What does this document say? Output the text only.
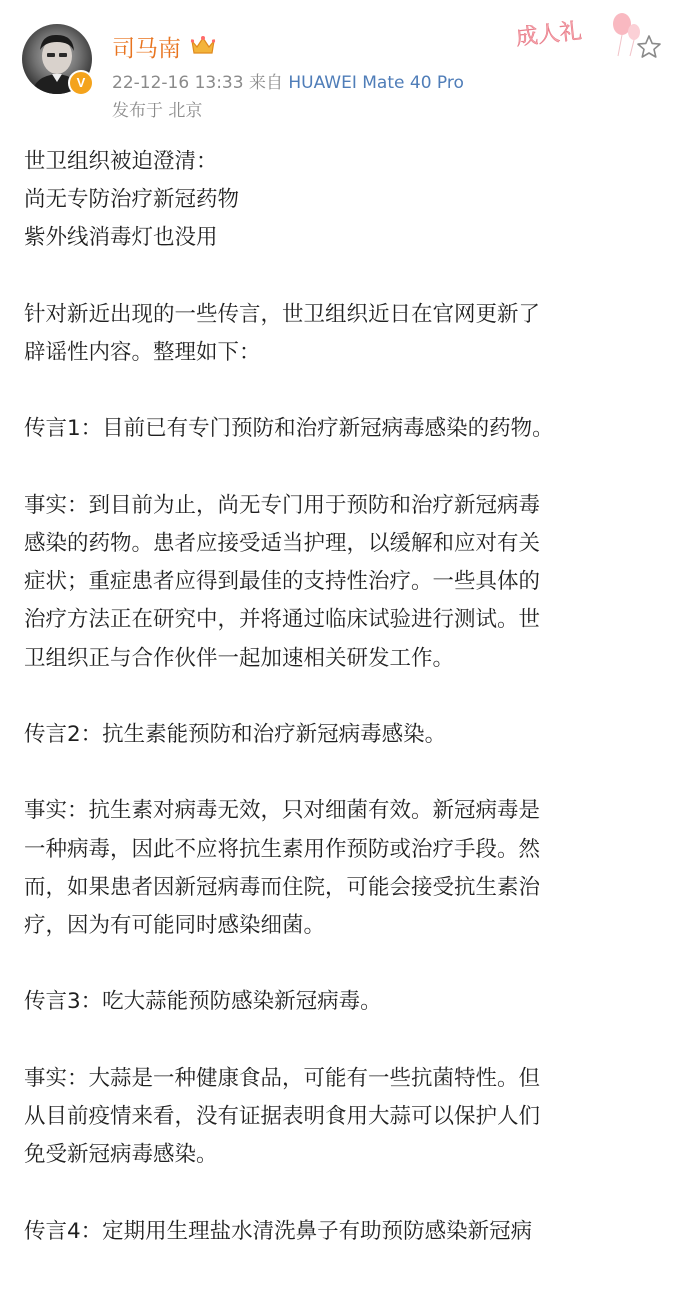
V
司马南
22-12-16 13:33 来自 HUAWEI Mate 40 Pro
发布于 北京
成人礼
世卫组织被迫澄清：
尚无专防治疗新冠药物
紫外线消毒灯也没用
针对新近出现的一些传言，世卫组织近日在官网更新了
辟谣性内容。整理如下：
传言1：目前已有专门预防和治疗新冠病毒感染的药物。
事实：到目前为止，尚无专门用于预防和治疗新冠病毒
感染的药物。患者应接受适当护理，以缓解和应对有关
症状；重症患者应得到最佳的支持性治疗。一些具体的
治疗方法正在研究中，并将通过临床试验进行测试。世
卫组织正与合作伙伴一起加速相关研发工作。
传言2：抗生素能预防和治疗新冠病毒感染。
事实：抗生素对病毒无效，只对细菌有效。新冠病毒是
一种病毒，因此不应将抗生素用作预防或治疗手段。然
而，如果患者因新冠病毒而住院，可能会接受抗生素治
疗，因为有可能同时感染细菌。
传言3：吃大蒜能预防感染新冠病毒。
事实：大蒜是一种健康食品，可能有一些抗菌特性。但
从目前疫情来看，没有证据表明食用大蒜可以保护人们
免受新冠病毒感染。
传言4：定期用生理盐水清洗鼻子有助预防感染新冠病
